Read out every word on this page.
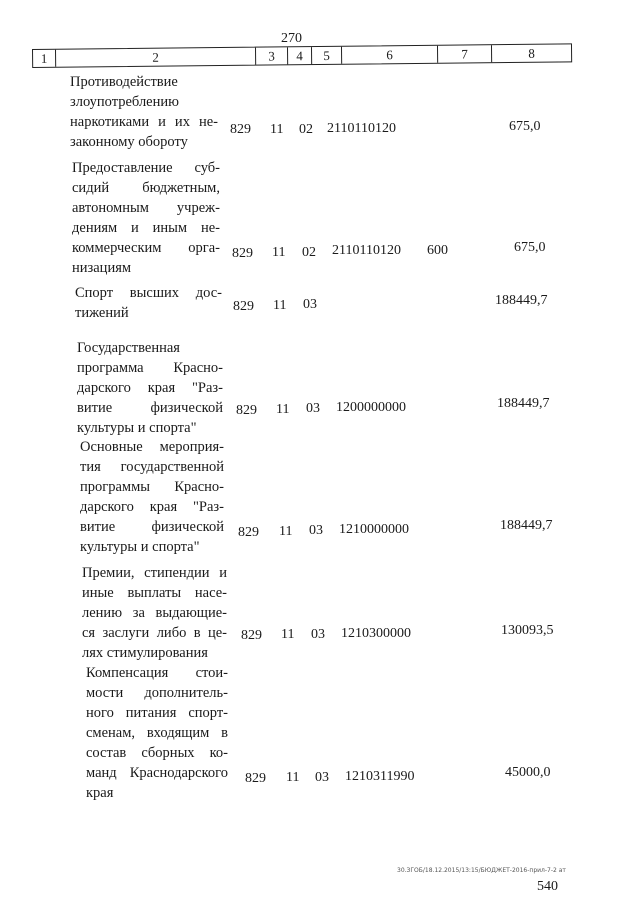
270
1	2	3	4	5	6	7	8
Противодействие
злоупотреблению
наркотиками и их не-
законному обороту
829 11 02 2110110120	675,0
Предоставление суб-
сидий бюджетным,
автономным учреж-
дениям и иным не-
коммерческим орга-
низациям
829 11 02 2110110120 600	675,0
Спорт высших дос-
тижений	829 11 03	188449,7
Государственная
программа Красно-
дарского края "Раз-
витие физической
культуры и спорта"
829 11 03 1200000000	188449,7
Основные мероприя-
тия государственной
программы Красно-
дарского края "Раз-
витие физической
культуры и спорта"
829 11 03 1210000000	188449,7
Премии, стипендии и
иные выплаты насе-
лению за выдающие-
ся заслуги либо в це-
лях стимулирования
829 11 03 1210300000	130093,5
Компенсация стои-
мости дополнитель-
ного питания спорт-
сменам, входящим в
состав сборных ко-
манд Краснодарского
края
829 11 03 1210311990	45000,0
30.ЗГОБ/18.12.2015/13:15/БЮДЖЕТ-2016-прил-7-2 ат
540
